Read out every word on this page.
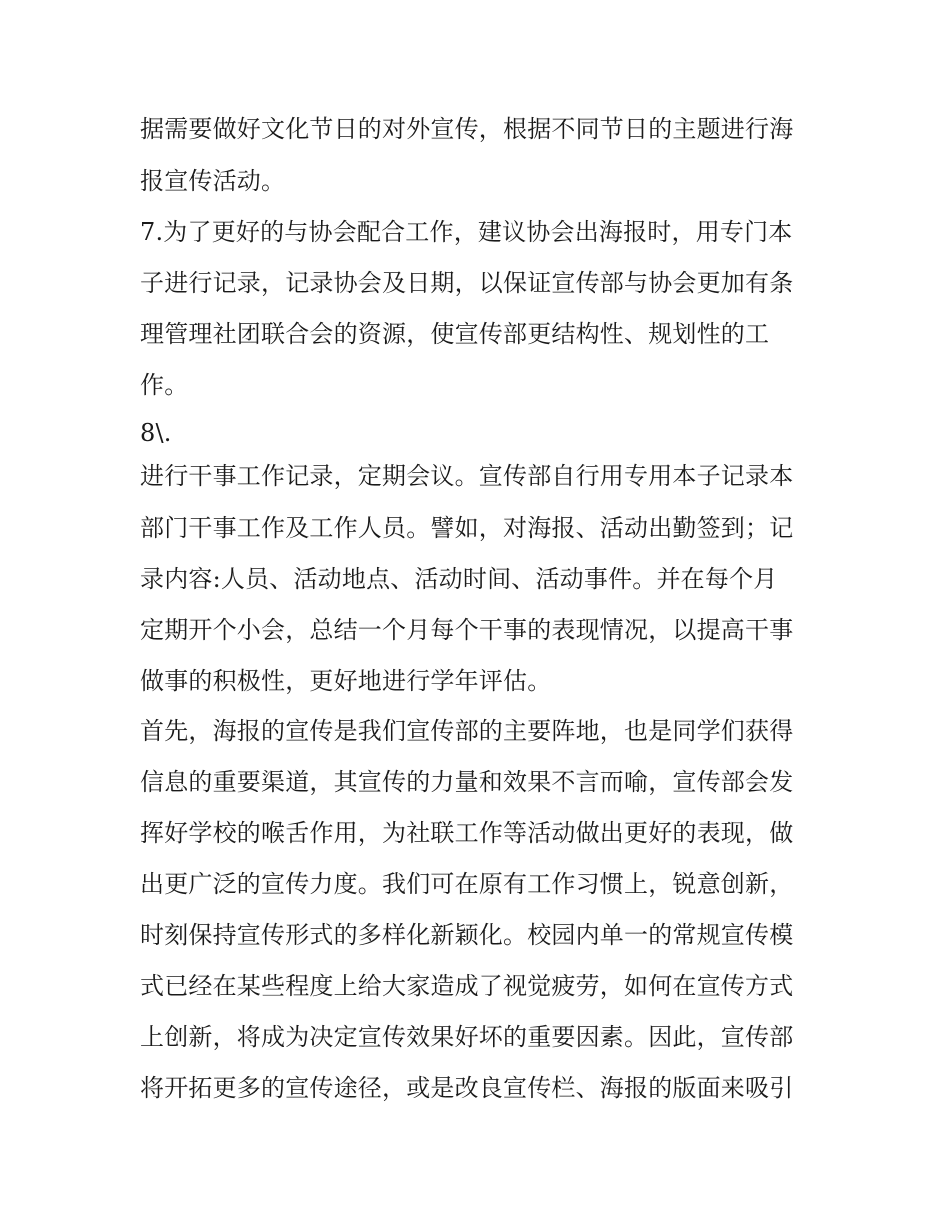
据需要做好文化节日的对外宣传，根据不同节日的主题进行海
报宣传活动。
7.为了更好的与协会配合工作，建议协会出海报时，用专门本
子进行记录，记录协会及日期，以保证宣传部与协会更加有条
理管理社团联合会的资源，使宣传部更结构性、规划性的工
作。
8\.
进行干事工作记录，定期会议。宣传部自行用专用本子记录本
部门干事工作及工作人员。譬如，对海报、活动出勤签到；记
录内容:人员、活动地点、活动时间、活动事件。并在每个月
定期开个小会，总结一个月每个干事的表现情况，以提高干事
做事的积极性，更好地进行学年评估。
首先，海报的宣传是我们宣传部的主要阵地，也是同学们获得
信息的重要渠道，其宣传的力量和效果不言而喻，宣传部会发
挥好学校的喉舌作用，为社联工作等活动做出更好的表现，做
出更广泛的宣传力度。我们可在原有工作习惯上，锐意创新，
时刻保持宣传形式的多样化新颖化。校园内单一的常规宣传模
式已经在某些程度上给大家造成了视觉疲劳，如何在宣传方式
上创新，将成为决定宣传效果好坏的重要因素。因此，宣传部
将开拓更多的宣传途径，或是改良宣传栏、海报的版面来吸引
